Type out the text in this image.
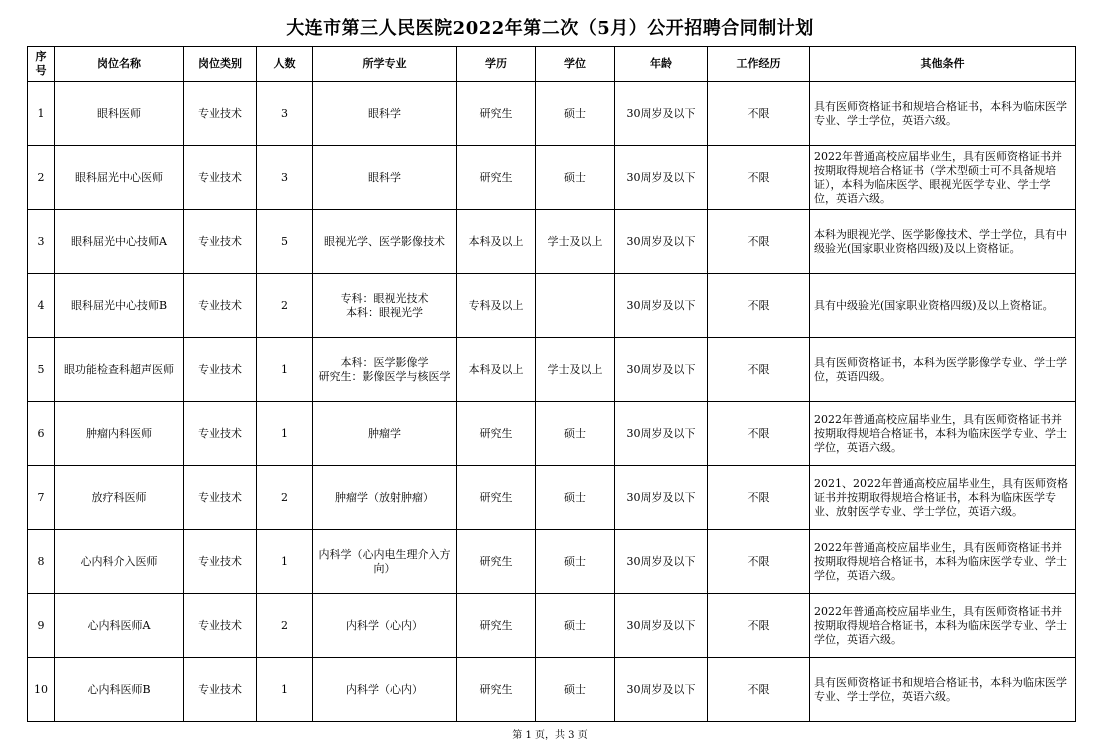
大连市第三人民医院2022年第二次（5月）公开招聘合同制计划
序号	岗位名称	岗位类别	人数	所学专业	学历	学位	年龄	工作经历	其他条件
1	眼科医师	专业技术	3	眼科学	研究生	硕士	30周岁及以下	不限	具有医师资格证书和规培合格证书，本科为临床医学专业、学士学位，英语六级。
2	眼科屈光中心医师	专业技术	3	眼科学	研究生	硕士	30周岁及以下	不限	2022年普通高校应届毕业生，具有医师资格证书并按期取得规培合格证书（学术型硕士可不具备规培证），本科为临床医学、眼视光医学专业、学士学位，英语六级。
3	眼科屈光中心技师A	专业技术	5	眼视光学、医学影像技术	本科及以上	学士及以上	30周岁及以下	不限	本科为眼视光学、医学影像技术、学士学位，具有中级验光(国家职业资格四级)及以上资格证。
4	眼科屈光中心技师B	专业技术	2	专科：眼视光技术
本科：眼视光学	专科及以上		30周岁及以下	不限	具有中级验光(国家职业资格四级)及以上资格证。
5	眼功能检查科超声医师	专业技术	1	本科：医学影像学
研究生：影像医学与核医学	本科及以上	学士及以上	30周岁及以下	不限	具有医师资格证书，本科为医学影像学专业、学士学位，英语四级。
6	肿瘤内科医师	专业技术	1	肿瘤学	研究生	硕士	30周岁及以下	不限	2022年普通高校应届毕业生，具有医师资格证书并按期取得规培合格证书，本科为临床医学专业、学士学位，英语六级。
7	放疗科医师	专业技术	2	肿瘤学（放射肿瘤）	研究生	硕士	30周岁及以下	不限	2021、2022年普通高校应届毕业生，具有医师资格证书并按期取得规培合格证书，本科为临床医学专业、放射医学专业、学士学位，英语六级。
8	心内科介入医师	专业技术	1	内科学（心内电生理介入方向）	研究生	硕士	30周岁及以下	不限	2022年普通高校应届毕业生，具有医师资格证书并按期取得规培合格证书，本科为临床医学专业、学士学位，英语六级。
9	心内科医师A	专业技术	2	内科学（心内）	研究生	硕士	30周岁及以下	不限	2022年普通高校应届毕业生，具有医师资格证书并按期取得规培合格证书，本科为临床医学专业、学士学位，英语六级。
10	心内科医师B	专业技术	1	内科学（心内）	研究生	硕士	30周岁及以下	不限	具有医师资格证书和规培合格证书，本科为临床医学专业、学士学位，英语六级。
第 1 页，共 3 页
